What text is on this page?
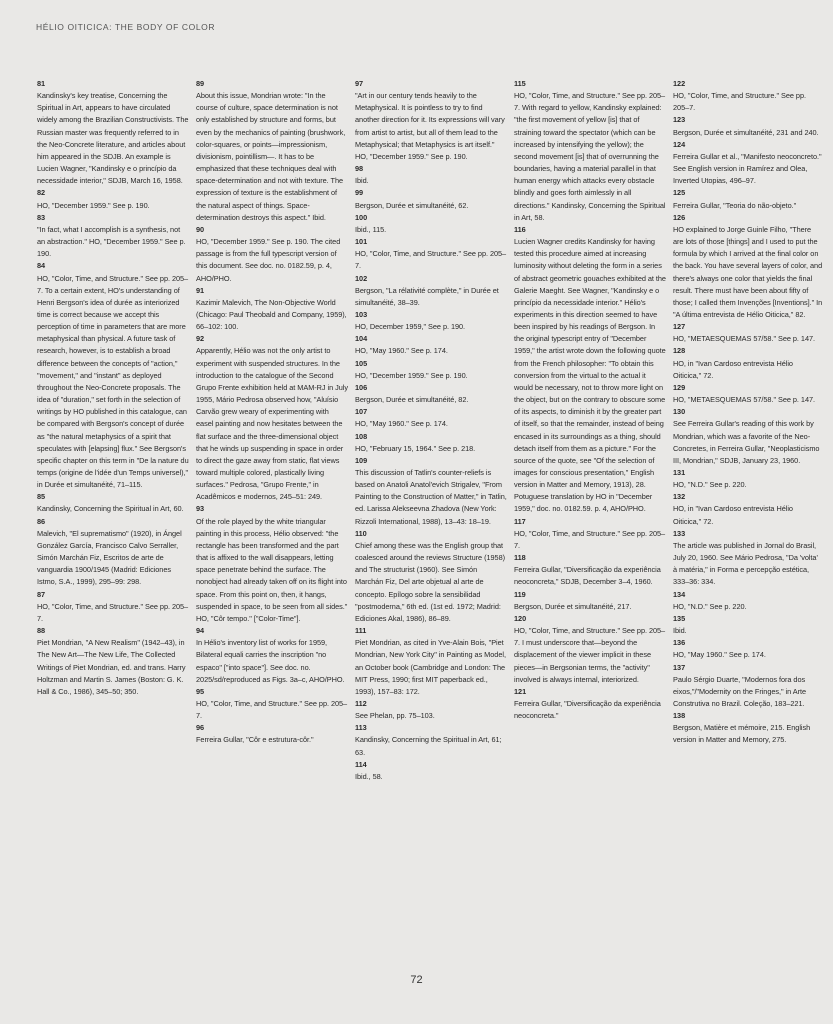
HÉLIO OITICICA: THE BODY OF COLOR
81
Kandinsky's key treatise, Concerning the Spiritual in Art, appears to have circulated widely among the Brazilian Constructivists. The Russian master was frequently referred to in the Neo-Concrete literature, and articles about him appeared in the SDJB. An example is Lucien Wagner, "Kandinsky e o princípio da necessidade interior," SDJB, March 16, 1958.
82
HO, "December 1959." See p. 190.
83
"In fact, what I accomplish is a synthesis, not an abstraction." HO, "December 1959." See p. 190.
84
HO, "Color, Time, and Structure." See pp. 205–7. To a certain extent, HO's understanding of Henri Bergson's idea of durée as interiorized time is correct because we accept this perception of time in parameters that are more metaphysical than physical. A future task of research, however, is to establish a broad difference between the concepts of "action," "movement," and "instant" as deployed throughout the Neo-Concrete proposals. The idea of "duration," set forth in the selection of writings by HO published in this catalogue, can be compared with Bergson's concept of durée as "the natural metaphysics of a spirit that speculates with [elapsing] flux." See Bergson's specific chapter on this term in "De la nature du temps (origine de l'idée d'un Temps universel)," in Durée et simultanéité, 71–115.
85
Kandinsky, Concerning the Spiritual in Art, 60.
86
Malevich, "El suprematismo" (1920), in Ángel González García, Francisco Calvo Serraller, Simón Marchán Fiz, Escritos de arte de vanguardia 1900/1945 (Madrid: Ediciones Istmo, S.A., 1999), 295–99: 298.
87
HO, "Color, Time, and Structure." See pp. 205–7.
88
Piet Mondrian, "A New Realism" (1942–43), in The New Art—The New Life, The Collected Writings of Piet Mondrian, ed. and trans. Harry Holtzman and Martin S. James (Boston: G. K. Hall & Co., 1986), 345–50; 350.
89
About this issue, Mondrian wrote: "In the course of culture, space determination is not only established by structure and forms, but even by the mechanics of painting (brushwork, color-squares, or points—impressionism, divisionism, pointillism—. It has to be emphasized that these techniques deal with space-determination and not with texture. The expression of texture is the establishment of the natural aspect of things. Space-determination destroys this aspect." Ibid.
90
HO, "December 1959." See p. 190. The cited passage is from the full typescript version of this document. See doc. no. 0182.59, p. 4, AHO/PHO.
91
Kazimir Malevich, The Non-Objective World (Chicago: Paul Theobald and Company, 1959), 66–102: 100.
92
Apparently, Hélio was not the only artist to experiment with suspended structures. In the introduction to the catalogue of the Second Grupo Frente exhibition held at MAM-RJ in July 1955, Mário Pedrosa observed how, "Aluísio Carvão grew weary of experimenting with easel painting and now hesitates between the flat surface and the three-dimensional object that he winds up suspending in space in order to direct the gaze away from static, flat views toward multiple colored, plastically living surfaces." Pedrosa, "Grupo Frente," in Acadêmicos e modernos, 245–51: 249.
93
Of the role played by the white triangular painting in this process, Hélio observed: "the rectangle has been transformed and the part that is affixed to the wall disappears, letting space penetrate behind the surface. The nonobject had already taken off on its flight into space. From this point on, then, it hangs, suspended in space, to be seen from all sides." HO, "Côr tempo." ["Color-Time"].
94
In Hélio's inventory list of works for 1959, Bilateral equali carries the inscription "no espaco" ["into space"]. See doc. no. 2025/sd/reproduced as Figs. 3a–c, AHO/PHO.
95
HO, "Color, Time, and Structure." See pp. 205–7.
96
Ferreira Gullar, "Côr e estrutura-côr."
97
"Art in our century tends heavily to the Metaphysical. It is pointless to try to find another direction for it. Its expressions will vary from artist to artist, but all of them lead to the Metaphysical; that Metaphysics is art itself." HO, "December 1959." See p. 190.
98
Ibid.
99
Bergson, Durée et simultanéité, 62.
100
Ibid., 115.
101
HO, "Color, Time, and Structure." See pp. 205–7.
102
Bergson, "La rélativité complète," in Durée et simultanéité, 38–39.
103
HO, December 1959," See p. 190.
104
HO, "May 1960." See p. 174.
105
HO, "December 1959." See p. 190.
106
Bergson, Durée et simultanéité, 82.
107
HO, "May 1960." See p. 174.
108
HO, "February 15, 1964." See p. 218.
109
This discussion of Tatlin's counter-reliefs is based on Anatoli Anatol'evich Strigalev, "From Painting to the Construction of Matter," in Tatlin, ed. Larissa Alekseevna Zhadova (New York: Rizzoli International, 1988), 13–43: 18–19.
110
Chief among these was the English group that coalesced around the reviews Structure (1958) and The structurist (1960). See Simón Marchán Fiz, Del arte objetual al arte de concepto. Epílogo sobre la sensibilidad "postmoderna," 6th ed. (1st ed. 1972; Madrid: Ediciones Akal, 1986), 86–89.
111
Piet Mondrian, as cited in Yve-Alain Bois, "Piet Mondrian, New York City" in Painting as Model, an October book (Cambridge and London: The MIT Press, 1990; first MIT paperback ed., 1993), 157–83: 172.
112
See Phelan, pp. 75–103.
113
Kandinsky, Concerning the Spiritual in Art, 61; 63.
114
Ibid., 58.
115
HO, "Color, Time, and Structure." See pp. 205–7. With regard to yellow, Kandinsky explained: "the first movement of yellow [is] that of straining toward the spectator (which can be increased by intensifying the yellow); the second movement [is] that of overrunning the boundaries, having a material parallel in that human energy which attacks every obstacle blindly and goes forth aimlessly in all directions." Kandinsky, Concerning the Spiritual in Art, 58.
116
Lucien Wagner credits Kandinsky for having tested this procedure aimed at increasing luminosity without deleting the form in a series of abstract geometric gouaches exhibited at the Galerie Maeght. See Wagner, "Kandinsky e o princípio da necessidade interior." Hélio's experiments in this direction seemed to have been inspired by his readings of Bergson. In the original typescript entry of "December 1959," the artist wrote down the following quote from the French philosopher: "To obtain this conversion from the virtual to the actual it would be necessary, not to throw more light on the object, but on the contrary to obscure some of its aspects, to diminish it by the greater part of itself, so that the remainder, instead of being encased in its surroundings as a thing, should detach itself from them as a picture." For the source of the quote, see "Of the selection of images for conscious presentation," English version in Matter and Memory, 1913), 28. Potuguese translation by HO in "December 1959," doc. no. 0182.59. p. 4, AHO/PHO.
117
HO, "Color, Time, and Structure." See pp. 205–7.
118
Ferreira Gullar, "Diversificação da experiência neoconcreta," SDJB, December 3–4, 1960.
119
Bergson, Durée et simultanéité, 217.
120
HO, "Color, Time, and Structure." See pp. 205–7. I must underscore that—beyond the displacement of the viewer implicit in these pieces—in Bergsonian terms, the "activity" involved is always internal, interiorized.
121
Ferreira Gullar, "Diversificação da experiência neoconcreta."
122
HO, "Color, Time, and Structure." See pp. 205–7.
123
Bergson, Durée et simultanéité, 231 and 240.
124
Ferreira Gullar et al., "Manifesto neoconcreto." See English version in Ramírez and Olea, Inverted Utopias, 496–97.
125
Ferreira Gullar, "Teoria do não-objeto."
126
HO explained to Jorge Guinle Filho, "There are lots of those [things] and I used to put the formula by which I arrived at the final color on the back. You have several layers of color, and there's always one color that yields the final result. There must have been about fifty of those; I called them Invenções [Inventions]." In "A última entrevista de Hélio Oiticica," 82.
127
HO, "METAESQUEMAS 57/58." See p. 147.
128
HO, in "Ivan Cardoso entrevista Hélio Oiticica," 72.
129
HO, "METAESQUEMAS 57/58." See p. 147.
130
See Ferreira Gullar's reading of this work by Mondrian, which was a favorite of the Neo-Concretes, in Ferreira Gullar, "Neoplasticismo III, Mondrian," SDJB, January 23, 1960.
131
HO, "N.D." See p. 220.
132
HO, in "Ivan Cardoso entrevista Hélio Oiticica," 72.
133
The article was published in Jornal do Brasil, July 20, 1960. See Mário Pedrosa, "Da 'volta' à matéria," in Forma e percepção estética, 333–36: 334.
134
HO, "N.D." See p. 220.
135
Ibid.
136
HO, "May 1960." See p. 174.
137
Paulo Sérgio Duarte, "Modernos fora dos eixos,"/"Modernity on the Fringes," in Arte Construtiva no Brazil. Coleção, 183–221.
138
Bergson, Matière et mémoire, 215. English version in Matter and Memory, 275.
72
